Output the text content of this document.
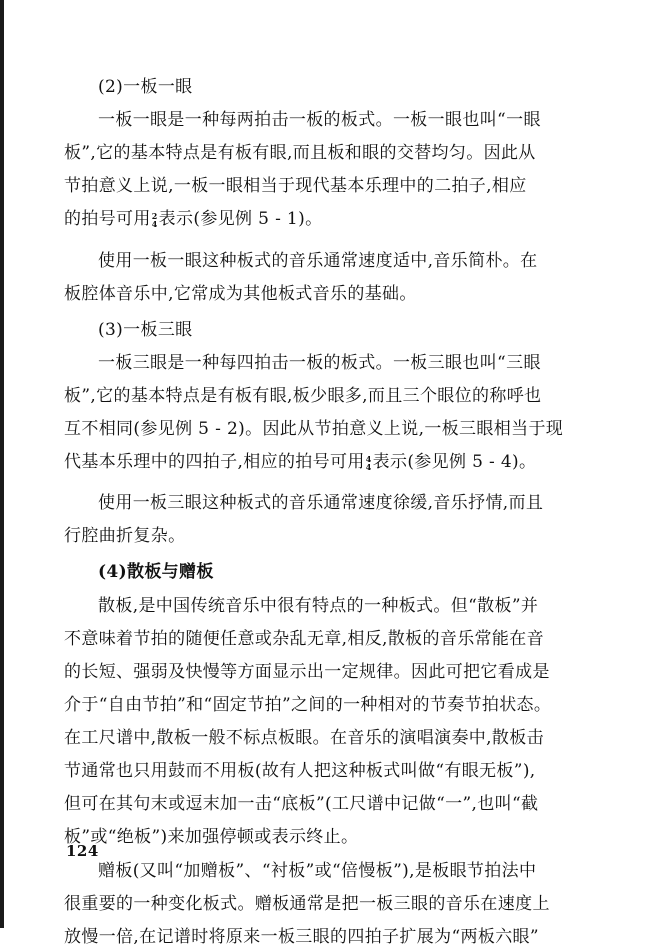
(2)一板一眼
一板一眼是一种每两拍击一板的板式。一板一眼也叫“一眼
板”,它的基本特点是有板有眼,而且板和眼的交替均匀。因此从
节拍意义上说,一板一眼相当于现代基本乐理中的二拍子,相应
的拍号可用 2
4 表示(参见例 5 - 1)。
使用一板一眼这种板式的音乐通常速度适中,音乐简朴。在
板腔体音乐中,它常成为其他板式音乐的基础。
(3)一板三眼
一板三眼是一种每四拍击一板的板式。一板三眼也叫“三眼
板”,它的基本特点是有板有眼,板少眼多,而且三个眼位的称呼也
互不相同(参见例 5 - 2)。因此从节拍意义上说,一板三眼相当于现
代基本乐理中的四拍子,相应的拍号可用 4
4 表示(参见例 5 - 4)。
使用一板三眼这种板式的音乐通常速度徐缓,音乐抒情,而且
行腔曲折复杂。
(4)散板与赠板
散板,是中国传统音乐中很有特点的一种板式。但“散板”并
不意味着节拍的随便任意或杂乱无章,相反,散板的音乐常能在音
的长短、强弱及快慢等方面显示出一定规律。因此可把它看成是
介于“自由节拍”和“固定节拍”之间的一种相对的节奏节拍状态。
在工尺谱中,散板一般不标点板眼。在音乐的演唱演奏中,散板击
节通常也只用鼓而不用板(故有人把这种板式叫做“有眼无板”),
但可在其句末或逗末加一击“底板”(工尺谱中记做“一”,也叫“截
板”或“绝板”)来加强停顿或表示终止。
赠板(又叫“加赠板”、“衬板”或“倍慢板”),是板眼节拍法中
很重要的一种变化板式。赠板通常是把一板三眼的音乐在速度上
放慢一倍,在记谱时将原来一板三眼的四拍子扩展为“两板六眼”
124
